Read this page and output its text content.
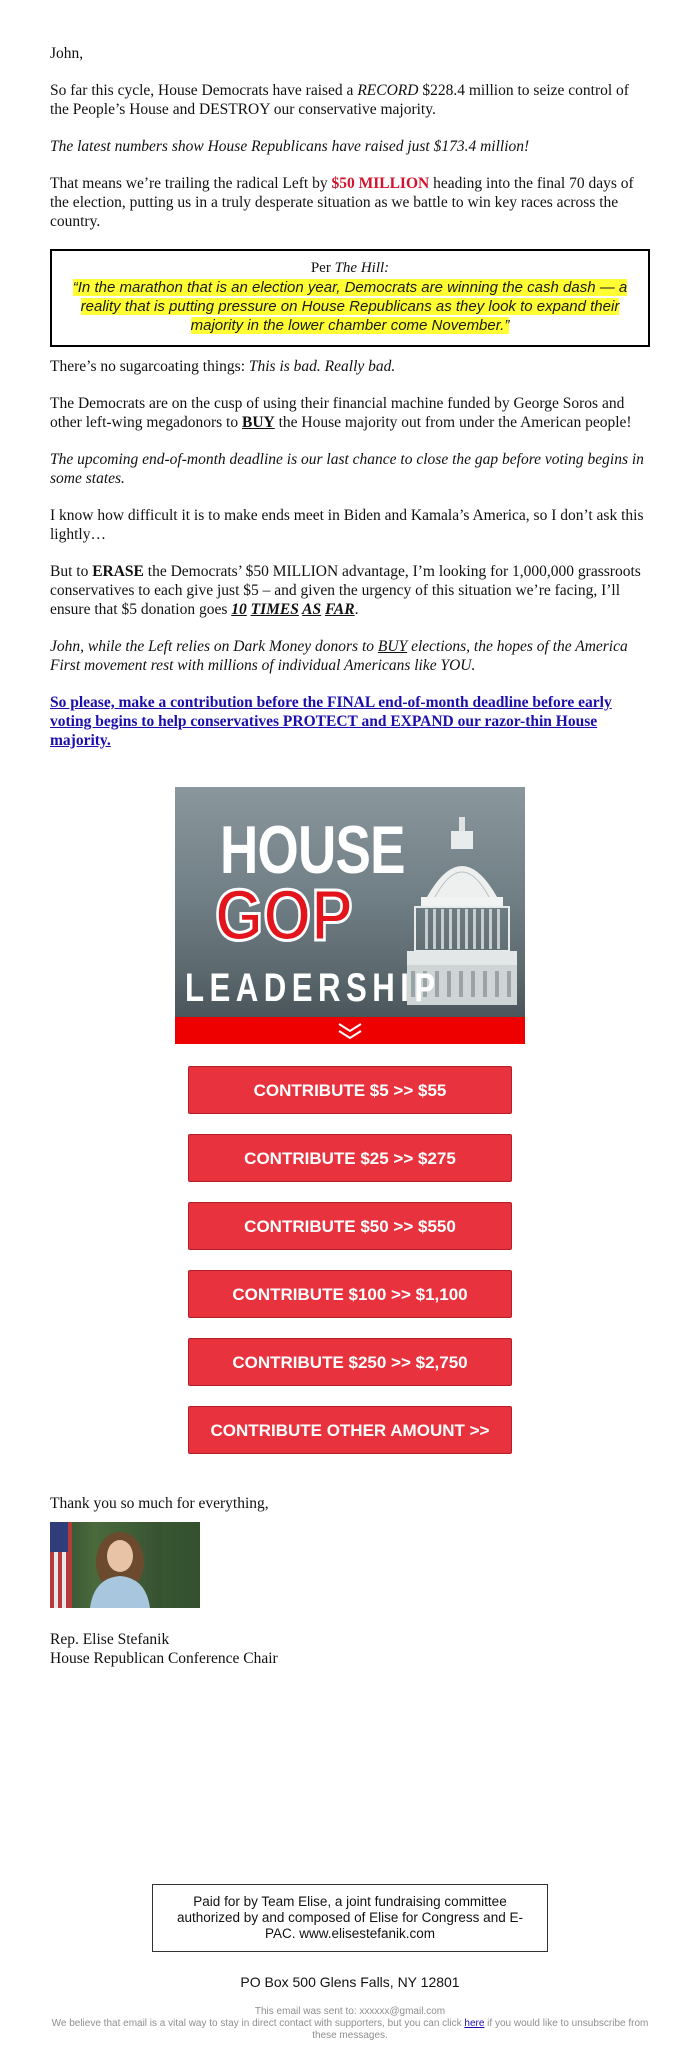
John,

So far this cycle, House Democrats have raised a RECORD $228.4 million to seize control of the People’s House and DESTROY our conservative majority.

The latest numbers show House Republicans have raised just $173.4 million!

That means we’re trailing the radical Left by $50 MILLION heading into the final 70 days of the election, putting us in a truly desperate situation as we battle to win key races across the country.

Per The Hill:
“In the marathon that is an election year, Democrats are winning the cash dash — a reality that is putting pressure on House Republicans as they look to expand their majority in the lower chamber come November.”

There’s no sugarcoating things: This is bad. Really bad.

The Democrats are on the cusp of using their financial machine funded by George Soros and other left-wing megadonors to BUY the House majority out from under the American people!

The upcoming end-of-month deadline is our last chance to close the gap before voting begins in some states.

I know how difficult it is to make ends meet in Biden and Kamala’s America, so I don’t ask this lightly…

But to ERASE the Democrats’ $50 MILLION advantage, I’m looking for 1,000,000 grassroots conservatives to each give just $5 – and given the urgency of this situation we’re facing, I’ll ensure that $5 donation goes 10 TIMES AS FAR.

John, while the Left relies on Dark Money donors to BUY elections, the hopes of the America First movement rest with millions of individual Americans like YOU.

So please, make a contribution before the FINAL end-of-month deadline before early voting begins to help conservatives PROTECT and EXPAND our razor-thin House majority.

HOUSE
GOP
LEADERSHIP
CONTRIBUTE $5 >> $55
CONTRIBUTE $25 >> $275
CONTRIBUTE $50 >> $550
CONTRIBUTE $100 >> $1,100
CONTRIBUTE $250 >> $2,750
CONTRIBUTE OTHER AMOUNT >>
Thank you so much for everything,
Rep. Elise Stefanik
House Republican Conference Chair
Paid for by Team Elise, a joint fundraising committee authorized by and composed of Elise for Congress and E-PAC. www.elisestefanik.com
PO Box 500 Glens Falls, NY 12801
This email was sent to: xxxxxx@gmail.com
We believe that email is a vital way to stay in direct contact with supporters, but you can click here if you would like to unsubscribe from these messages.
